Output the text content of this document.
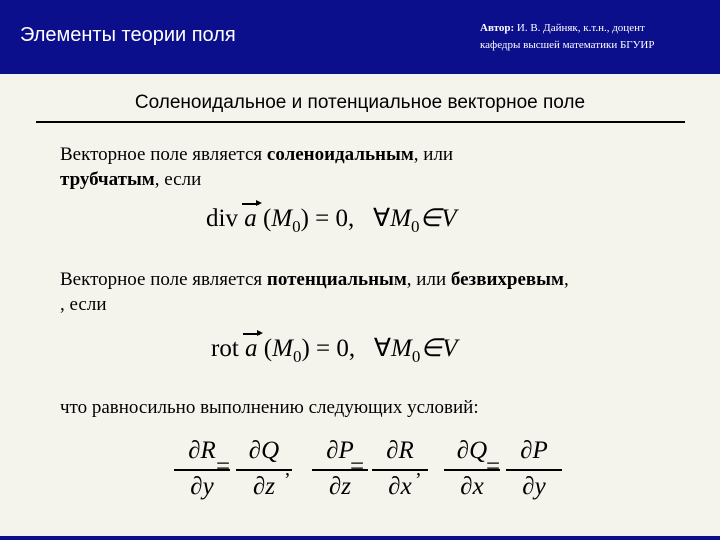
Элементы теории поля	Автор: И. В. Дайняк, к.т.н., доцент
кафедры высшей математики БГУИР
Соленоидальное и потенциальное векторное поле
Векторное поле является соленоидальным, или
трубчатым, если
div a $(M_0) = 0$, $\forall M_0\in V$
Векторное поле является потенциальным, или безвихревым,
, если
rot a $(M_0) = 0$, $\forall M_0\in V$
что равносильно выполнению следующих условий:
∂R
∂y
=
∂Q
∂z
,
∂P
∂z
=
∂R
∂x
,
∂Q
∂x
=
∂P
∂y
